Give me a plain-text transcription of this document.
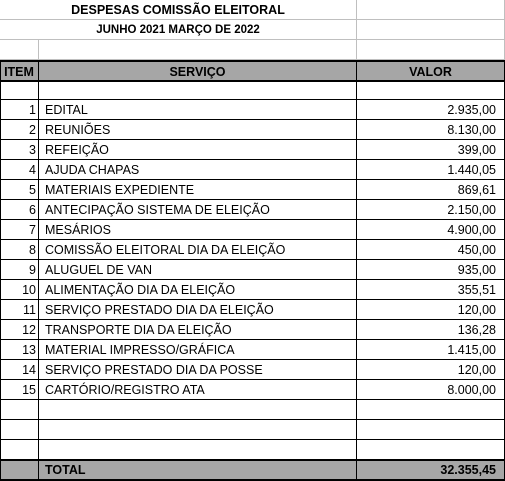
DESPESAS COMISSÃO ELEITORAL
JUNHO 2021 MARÇO DE 2022
ITEM	SERVIÇO	VALOR
1 EDITAL	2.935,00
2 REUNIÕES	8.130,00
3 REFEIÇÃO	399,00
4 AJUDA CHAPAS	1.440,05
5 MATERIAIS EXPEDIENTE	869,61
6 ANTECIPAÇÃO SISTEMA DE ELEIÇÃO	2.150,00
7 MESÁRIOS	4.900,00
8 COMISSÃO ELEITORAL DIA DA ELEIÇÃO	450,00
9 ALUGUEL DE VAN	935,00
10 ALIMENTAÇÃO DIA DA ELEIÇÃO	355,51
11 SERVIÇO PRESTADO DIA DA ELEIÇÃO	120,00
12 TRANSPORTE DIA DA ELEIÇÃO	136,28
13 MATERIAL IMPRESSO/GRÁFICA	1.415,00
14 SERVIÇO PRESTADO DIA DA POSSE	120,00
15 CARTÓRIO/REGISTRO ATA	8.000,00
TOTAL	32.355,45
